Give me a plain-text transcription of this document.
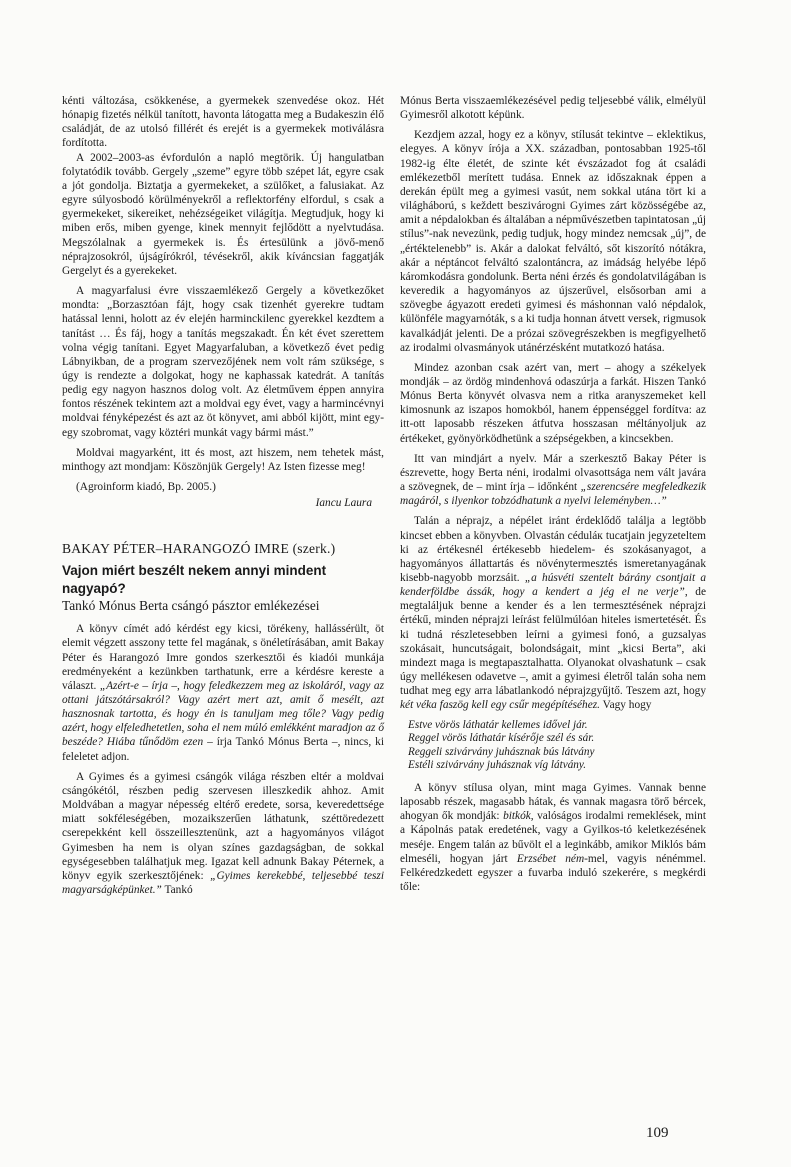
kénti változása, csökkenése, a gyermekek szenvedése okoz. Hét hónapig fizetés nélkül tanított, havonta látogatta meg a Budakeszin élő családját, de az utolsó fillérét és erejét is a gyermekek motiválásra fordította.

A 2002–2003-as évfordulón a napló megtörik. Új hangulatban folytatódik tovább. Gergely „szeme” egyre több szépet lát, egyre csak a jót gondolja. Biztatja a gyermekeket, a szülőket, a falusiakat. Az egyre súlyosbodó körülményekről a reflektorfény elfordul, s csak a gyermekeket, sikereiket, nehézségeiket világítja. Megtudjuk, hogy ki miben erős, miben gyenge, kinek mennyit fejlődött a nyelvtudása. Megszólalnak a gyermekek is. És értesülünk a jövő-menő néprajzosokról, újságírókról, tévésekről, akik kíváncsian faggatják Gergelyt és a gyerekeket.

A magyarfalusi évre visszaemlékező Gergely a következőket mondta: „Borzasztóan fájt, hogy csak tizenhét gyerekre tudtam hatással lenni, holott az év elején harminckilenc gyerekkel kezdtem a tanítást … És fáj, hogy a tanítás megszakadt. Én két évet szerettem volna végig tanítani. Egyet Magyarfaluban, a következő évet pedig Lábnyikban, de a program szervezőjének nem volt rám szüksége, s úgy is rendezte a dolgokat, hogy ne kaphassak katedrát. A tanítás pedig egy nagyon hasznos dolog volt. Az életművem éppen annyira fontos részének tekintem azt a moldvai egy évet, vagy a harmincévnyi moldvai fényképezést és azt az öt könyvet, ami abból kijött, mint egy-egy szobromat, vagy köztéri munkát vagy bármi mást.”

Moldvai magyarként, itt és most, azt hiszem, nem tehetek mást, minthogy azt mondjam: Köszönjük Gergely! Az Isten fizesse meg!

(Agroinform kiadó, Bp. 2005.)

Iancu Laura
BAKAY PÉTER–HARANGOZÓ IMRE (szerk.)
Vajon miért beszélt nekem annyi mindent nagyapó?
Tankó Mónus Berta csángó pásztor emlékezései

A könyv címét adó kérdést egy kicsi, törékeny, hallássérült, öt elemit végzett asszony tette fel magának, s önéletírásában, amit Bakay Péter és Harangozó Imre gondos szerkesztői és kiadói munkája eredményeként a kezünkben tarthatunk, erre a kérdésre kereste a választ. „Azért-e – írja –, hogy feledkezzem meg az iskoláról, vagy az ottani játszótársakról? Vagy azért mert azt, amit ő mesélt, azt hasznosnak tartotta, és hogy én is tanuljam meg tőle? Vagy pedig azért, hogy elfeledhetetlen, soha el nem múló emlékként maradjon az ő beszéde? Hiába tűnődöm ezen – írja Tankó Mónus Berta –, nincs, ki feleletet adjon.

A Gyimes és a gyimesi csángók világa részben eltér a moldvai csángókétól, részben pedig szervesen illeszkedik ahhoz. Amit Moldvában a magyar népesség eltérő eredete, sorsa, keveredettsége miatt sokféleségében, mozaikszerűen láthatunk, széttöredezett cserepekként kell összeillesztenünk, azt a hagyományos világot Gyimesben ha nem is olyan színes gazdagságban, de sokkal egységesebben találhatjuk meg. Igazat kell adnunk Bakay Péternek, a könyv egyik szerkesztőjének: „Gyimes kerekebbé, teljesebbé teszi magyarságképünket.” Tankó

Mónus Berta visszaemlékezésével pedig teljesebbé válik, elmélyül Gyimesről alkotott képünk.

Kezdjem azzal, hogy ez a könyv, stílusát tekintve – eklektikus, elegyes. A könyv írója a XX. században, pontosabban 1925-től 1982-ig élte életét, de szinte két évszázadot fog át családi emlékezetből merített tudása. Ennek az időszaknak éppen a derekán épült meg a gyimesi vasút, nem sokkal utána tört ki a világháború, s keždett beszivárogni Gyimes zárt közösségébe az, amit a népdalokban és általában a népművészetben tapintatosan „új stílus”-nak nevezünk, pedig tudjuk, hogy mindez nemcsak „új”, de „értéktelenebb” is. Akár a dalokat felváltó, sőt kiszorító nótákra, akár a néptáncot felváltó szalontáncra, az imádság helyébe lépő káromkodásra gondolunk. Berta néni érzés és gondolatvilágában is keveredik a hagyományos az újszerűvel, elsősorban ami a szövegbe ágyazott eredeti gyimesi és máshonnan való népdalok, különféle magyarnóták, s a ki tudja honnan átvett versek, rigmusok kavalkádját jelenti. De a prózai szövegrészekben is megfigyelhető az irodalmi olvasmányok utánérzésként mutatkozó hatása.

Mindez azonban csak azért van, mert – ahogy a székelyek mondják – az ördög mindenhová odaszúrja a farkát. Hiszen Tankó Mónus Berta könyvét olvasva nem a ritka aranyszemeket kell kimosnunk az iszapos homokból, hanem éppenséggel fordítva: az itt-ott laposabb részeken átfutva hosszasan méltányoljuk az értékeket, gyönyörködhetünk a szépségekben, a kincsekben.

Itt van mindjárt a nyelv. Már a szerkesztő Bakay Péter is észrevette, hogy Berta néni, irodalmi olvasottsága nem vált javára a szövegnek, de – mint írja – időnként „szerencsére megfeledkezik magáról, s ilyenkor tobzódhatunk a nyelvi leleményben…”

Talán a néprajz, a népélet iránt érdeklődő találja a legtöbb kincset ebben a könyvben. Olvastán céduláк tucatjain jegyzeteltem ki az értékesnél értékesebb hiedelem- és szokásanyagot, a hagyományos állattartás és növénytermesztés ismeretanyagának kisebb-nagyobb morzsáit. „a húsvéti szentelt bárány csontjait a kenderföldbe ássák, hogy a kendert a jég el ne verje”, de megtaláljuk benne a kender és a len termesztésének néprajzi értékű, minden néprajzi leírást felülmúlóan hiteles ismertetését. És ki tudná részletesebben leírni a gyimesi fonó, a guzsalyas szokásait, huncutságait, bolondságait, mint „kicsi Berta”, aki mindezt maga is megtapasztalhatta. Olyanokat olvashatunk – csak úgy mellékesen odavetve –, amit a gyimesi életről talán soha nem tudhat meg egy arra lábatlankodó néprajzgyűjtő. Teszem azt, hogy két véka faszög kell egy csűr megépítéséhez. Vagy hogy

Estve vörös láthatár kellemes idővel jár.
Reggel vörös láthatár kísérője szél és sár.
Reggeli szivárvány juhásznak bús látvány
Estéli szivárvány juhásznak víg látvány.

A könyv stílusa olyan, mint maga Gyimes. Vannak benne laposabb részek, magasabb hátak, és vannak magasra törő bércek, ahogyan ők mondják: bitkók, valóságos irodalmi remeklések, mint a Kápolnás patak eredetének, vagy a Gyilkos-tó keletkezésének meséje. Engem talán az bűvölt el a leginkább, amikor Miklós bám elmeséli, hogyan járt Erzsébet ném-mel, vagyis nénémmel. Felkéredzkedett egyszer a fuvarba induló szekerére, s megkérdi tőle:

109
